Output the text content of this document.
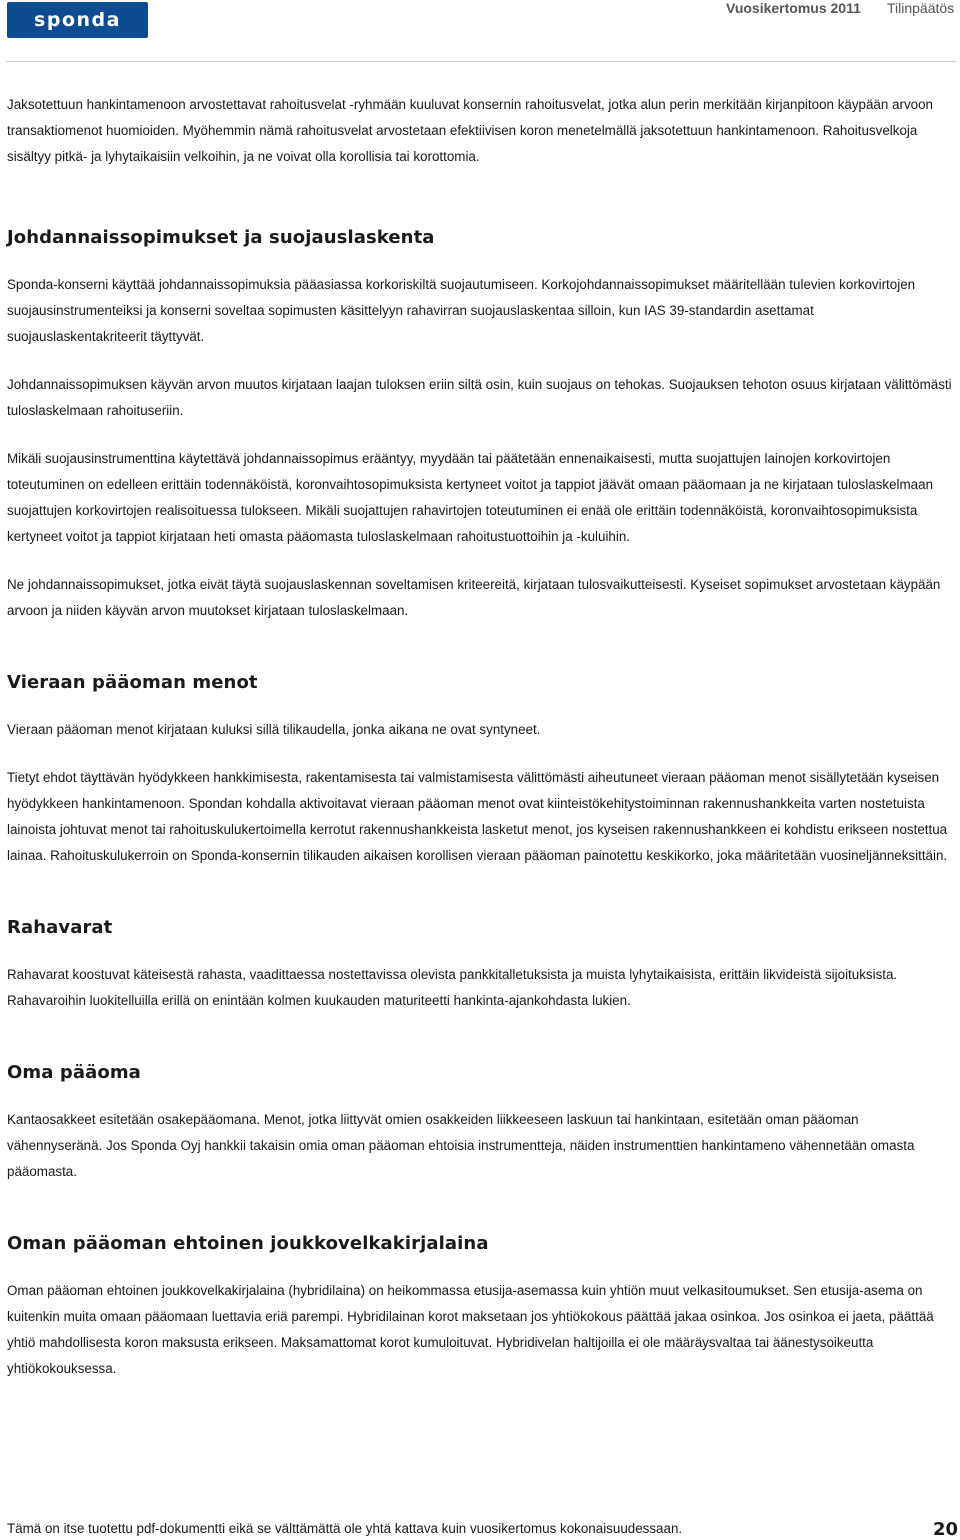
sponda
Vuosikertomus 2011 Tilinpäätös

Jaksotettuun hankintamenoon arvostettavat rahoitusvelat -ryhmään kuuluvat konsernin rahoitusvelat, jotka alun perin merkitään kirjanpitoon käypään arvoon transaktiomenot huomioiden. Myöhemmin nämä rahoitusvelat arvostetaan efektiivisen koron menetelmällä jaksotettuun hankintamenoon. Rahoitusvelkoja sisältyy pitkä- ja lyhytaikaisiin velkoihin, ja ne voivat olla korollisia tai korottomia.

Johdannaissopimukset ja suojauslaskenta

Sponda-konserni käyttää johdannaissopimuksia pääasiassa korkoriskiltä suojautumiseen. Korkojohdannaissopimukset määritellään tulevien korkovirtojen suojausinstrumenteiksi ja konserni soveltaa sopimusten käsittelyyn rahavirran suojauslaskentaa silloin, kun IAS 39-standardin asettamat suojauslaskentakriteerit täyttyvät.

Johdannaissopimuksen käyvän arvon muutos kirjataan laajan tuloksen eriin siltä osin, kuin suojaus on tehokas. Suojauksen tehoton osuus kirjataan välittömästi tuloslaskelmaan rahoituseriin.

Mikäli suojausinstrumenttina käytettävä johdannaissopimus erääntyy, myydään tai päätetään ennenaikaisesti, mutta suojattujen lainojen korkovirtojen toteutuminen on edelleen erittäin todennäköistä, koronvaihtosopimuksista kertyneet voitot ja tappiot jäävät omaan pääomaan ja ne kirjataan tuloslaskelmaan suojattujen korkovirtojen realisoituessa tulokseen. Mikäli suojattujen rahavirtojen toteutuminen ei enää ole erittäin todennäköistä, koronvaihtosopimuksista kertyneet voitot ja tappiot kirjataan heti omasta pääomasta tuloslaskelmaan rahoitustuottoihin ja -kuluihin.

Ne johdannaissopimukset, jotka eivät täytä suojauslaskennan soveltamisen kriteereitä, kirjataan tulosvaikutteisesti. Kyseiset sopimukset arvostetaan käypään arvoon ja niiden käyvän arvon muutokset kirjataan tuloslaskelmaan.

Vieraan pääoman menot

Vieraan pääoman menot kirjataan kuluksi sillä tilikaudella, jonka aikana ne ovat syntyneet.

Tietyt ehdot täyttävän hyödykkeen hankkimisesta, rakentamisesta tai valmistamisesta välittömästi aiheutuneet vieraan pääoman menot sisällytetään kyseisen hyödykkeen hankintamenoon. Spondan kohdalla aktivoitavat vieraan pääoman menot ovat kiinteistökehitystoiminnan rakennushankkeita varten nostetuista lainoista johtuvat menot tai rahoituskulukertoimella kerrotut rakennushankkeista lasketut menot, jos kyseisen rakennushankkeen ei kohdistu erikseen nostettua lainaa. Rahoituskulukerroin on Sponda-konsernin tilikauden aikaisen korollisen vieraan pääoman painotettu keskikorko, joka määritetään vuosineljänneksittäin.

Rahavarat

Rahavarat koostuvat käteisestä rahasta, vaadittaessa nostettavissa olevista pankkitalletuksista ja muista lyhytaikaisista, erittäin likvideistä sijoituksista. Rahavaroihin luokitelluilla erillä on enintään kolmen kuukauden maturiteetti hankinta-ajankohdasta lukien.

Oma pääoma

Kantaosakkeet esitetään osakepääomana. Menot, jotka liittyvät omien osakkeiden liikkeeseen laskuun tai hankintaan, esitetään oman pääoman vähennyseränä. Jos Sponda Oyj hankkii takaisin omia oman pääoman ehtoisia instrumentteja, näiden instrumenttien hankintameno vähennetään omasta pääomasta.

Oman pääoman ehtoinen joukkovelkakirjalaina

Oman pääoman ehtoinen joukkovelkakirjalaina (hybridilaina) on heikommassa etusija-asemassa kuin yhtiön muut velkasitoumukset. Sen etusija-asema on kuitenkin muita omaan pääomaan luettavia eriä parempi. Hybridilainan korot maksetaan jos yhtiökokous päättää jakaa osinkoa. Jos osinkoa ei jaeta, päättää yhtiö mahdollisesta koron maksusta erikseen. Maksamattomat korot kumuloituvat. Hybridivelan haltijoilla ei ole määräysvaltaa tai äänestysoikeutta yhtiökokouksessa.

Tämä on itse tuotettu pdf-dokumentti eikä se välttämättä ole yhtä kattava kuin vuosikertomus kokonaisuudessaan.	20
